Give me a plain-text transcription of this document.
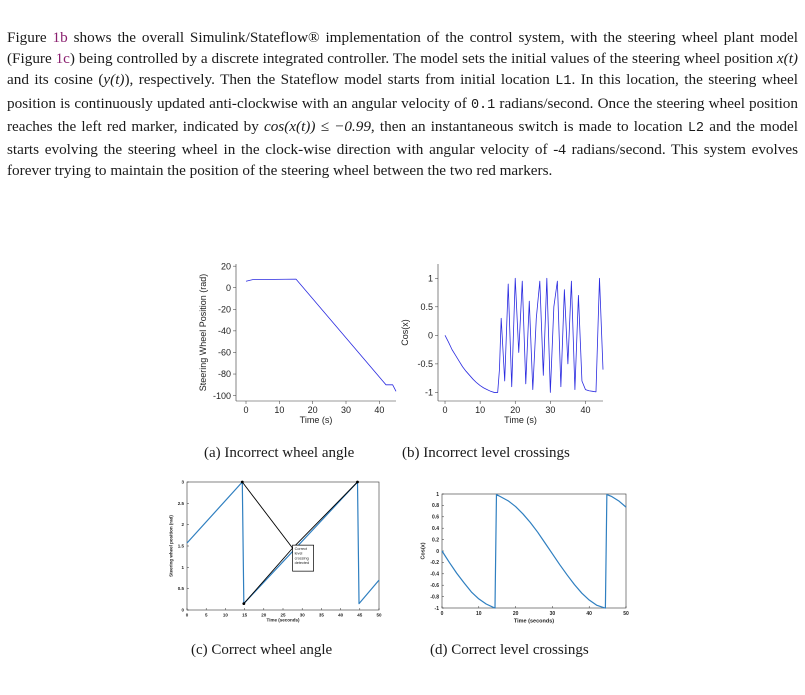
Figure 1b shows the overall Simulink/Stateflow® implementation of the control system, with the steering wheel plant model (Figure 1c) being controlled by a discrete integrated controller. The model sets the initial values of the steering wheel position x(t) and its cosine (y(t)), respectively. Then the Stateflow model starts from initial location L1. In this location, the steering wheel position is continuously updated anti-clockwise with an angular velocity of 0.1 radians/second. Once the steering wheel position reaches the left red marker, indicated by cos(x(t)) ≤ −0.99, then an instantaneous switch is made to location L2 and the model starts evolving the steering wheel in the clock-wise direction with angular velocity of -4 radians/second. This system evolves forever trying to maintain the position of the steering wheel between the two red markers.

0	10	20	30	40
20
0
-20
-40
-60
-80
-100
Time (s)
Steering Wheel Position (rad)
0	10	20	30	40
1
0.5
0
-0.5
-1
Time (s)
Cos(x)
0	5	10	15	20	25	30	35	40	45	50
0
0.5
1
1.5
2
2.5
3
Time (seconds)
Steering wheel position (rad)	Correct level crossing detected
0	10	20	30	40	50
1
0.8
0.6
0.4
0.2
0
-0.2
-0.4
-0.6
-0.8
-1
Time (seconds)
Cos(x)
(a) Incorrect wheel angle	(b) Incorrect level crossings
(c) Correct wheel angle	(d) Correct level crossings
